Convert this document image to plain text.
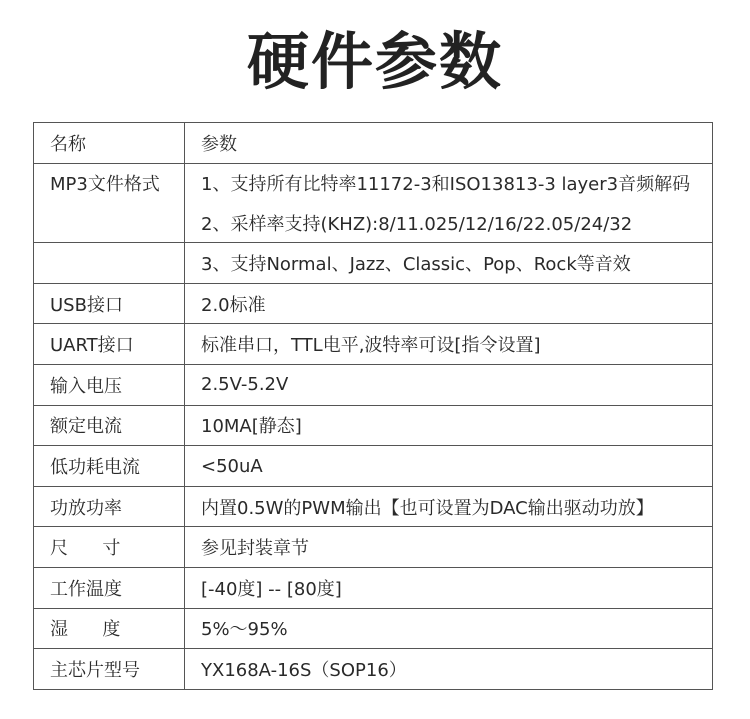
硬件参数
名称	参数
MP3文件格式	1、支持所有比特率11172-3和ISO13813-3 layer3音频解码
	2、采样率支持(KHZ):8/11.025/12/16/22.05/24/32
	3、支持Normal、Jazz、Classic、Pop、Rock等音效
USB接口	2.0标准
UART接口	标准串口，TTL电平,波特率可设[指令设置]
输入电压	2.5V-5.2V
额定电流	10MA[静态]
低功耗电流	<50uA
功放功率	内置0.5W的PWM输出【也可设置为DAC输出驱动功放】
尺      寸	参见封装章节
工作温度	[-40度] -- [80度]
湿      度	5%～95%
主芯片型号	YX168A-16S（SOP16）
